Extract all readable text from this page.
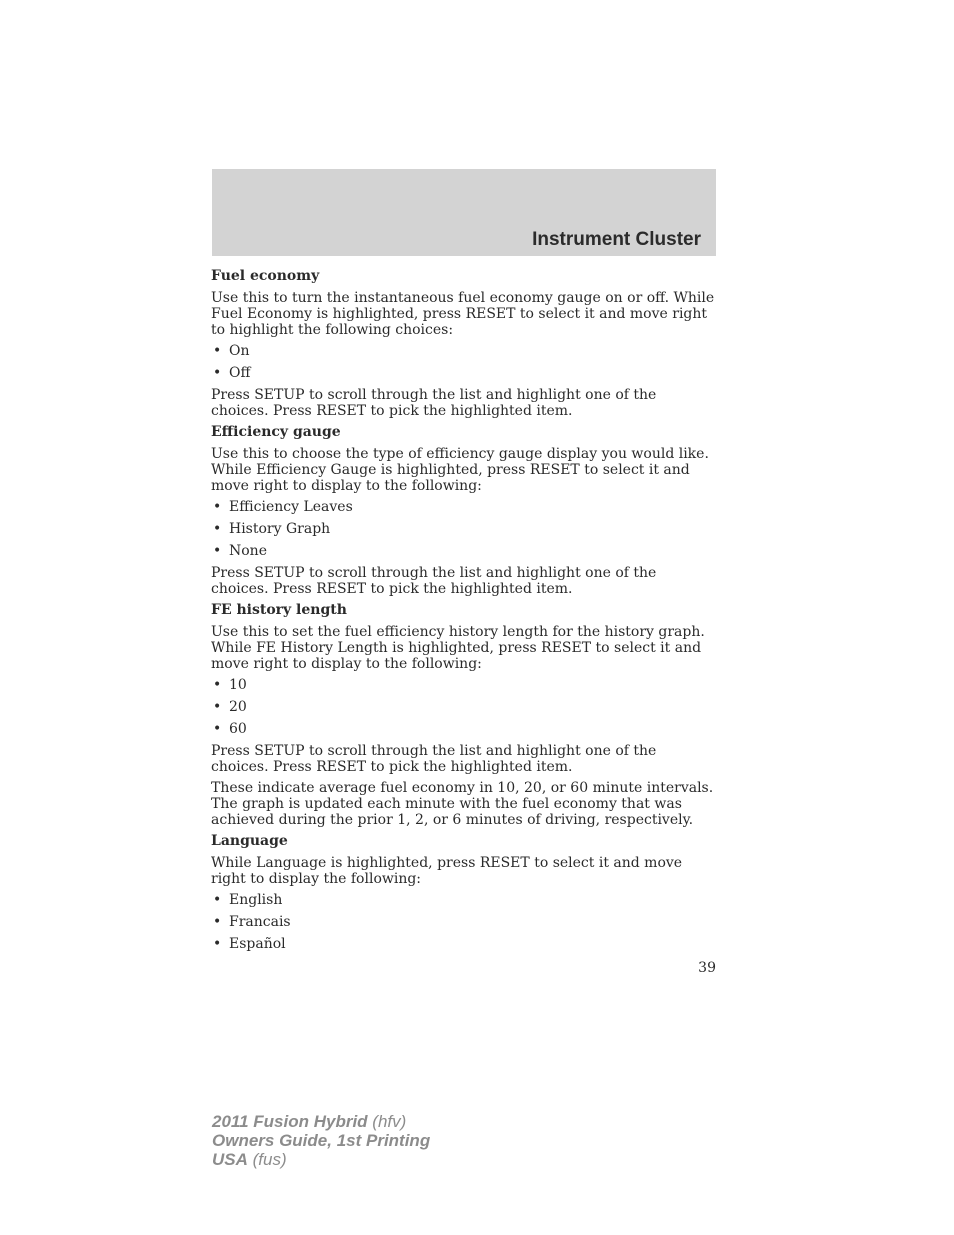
Instrument Cluster
Fuel economy

Use this to turn the instantaneous fuel economy gauge on or off. While Fuel Economy is highlighted, press RESET to select it and move right to highlight the following choices:

• On
• Off

Press SETUP to scroll through the list and highlight one of the choices. Press RESET to pick the highlighted item.

Efficiency gauge

Use this to choose the type of efficiency gauge display you would like. While Efficiency Gauge is highlighted, press RESET to select it and move right to display to the following:

• Efficiency Leaves
• History Graph
• None

Press SETUP to scroll through the list and highlight one of the choices. Press RESET to pick the highlighted item.

FE history length

Use this to set the fuel efficiency history length for the history graph. While FE History Length is highlighted, press RESET to select it and move right to display to the following:

• 10
• 20
• 60

Press SETUP to scroll through the list and highlight one of the choices. Press RESET to pick the highlighted item.

These indicate average fuel economy in 10, 20, or 60 minute intervals. The graph is updated each minute with the fuel economy that was achieved during the prior 1, 2, or 6 minutes of driving, respectively.

Language

While Language is highlighted, press RESET to select it and move right to display the following:

• English
• Francais
• Español
39
2011 Fusion Hybrid (hfv)
Owners Guide, 1st Printing
USA (fus)
